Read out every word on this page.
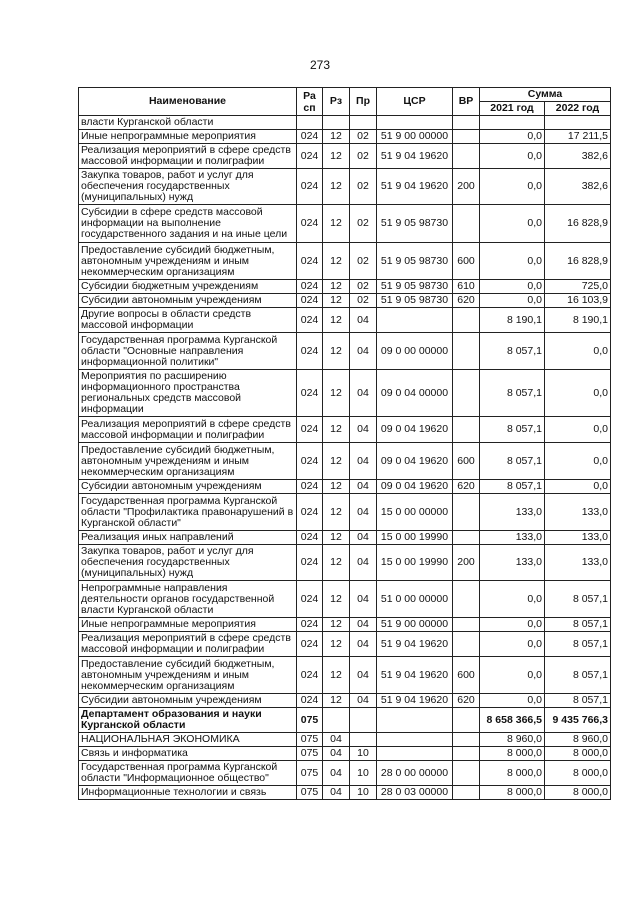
273
Наименование	Ра сп	Рз	Пр	ЦСР	ВР	Сумма	
						2021 год	2022 год
власти Курганской области							
Иные непрограммные мероприятия	024	12	02	51 9 00 00000		0,0	17 211,5
Реализация мероприятий в сфере средств массовой информации и полиграфии	024	12	02	51 9 04 19620		0,0	382,6
Закупка товаров, работ и услуг для обеспечения государственных (муниципальных) нужд	024	12	02	51 9 04 19620	200	0,0	382,6
Субсидии в сфере средств массовой информации на выполнение государственного задания и на иные цели	024	12	02	51 9 05 98730		0,0	16 828,9
Предоставление субсидий бюджетным, автономным учреждениям и иным некоммерческим организациям	024	12	02	51 9 05 98730	600	0,0	16 828,9
Субсидии бюджетным учреждениям	024	12	02	51 9 05 98730	610	0,0	725,0
Субсидии автономным учреждениям	024	12	02	51 9 05 98730	620	0,0	16 103,9
Другие вопросы в области средств массовой информации	024	12	04			8 190,1	8 190,1
Государственная программа Курганской области "Основные направления информационной политики"	024	12	04	09 0 00 00000		8 057,1	0,0
Мероприятия по расширению информационного пространства региональных средств массовой информации	024	12	04	09 0 04 00000		8 057,1	0,0
Реализация мероприятий в сфере средств массовой информации и полиграфии	024	12	04	09 0 04 19620		8 057,1	0,0
Предоставление субсидий бюджетным, автономным учреждениям и иным некоммерческим организациям	024	12	04	09 0 04 19620	600	8 057,1	0,0
Субсидии автономным учреждениям	024	12	04	09 0 04 19620	620	8 057,1	0,0
Государственная программа Курганской области "Профилактика правонарушений в Курганской области"	024	12	04	15 0 00 00000		133,0	133,0
Реализация иных направлений	024	12	04	15 0 00 19990		133,0	133,0
Закупка товаров, работ и услуг для обеспечения государственных (муниципальных) нужд	024	12	04	15 0 00 19990	200	133,0	133,0
Непрограммные направления деятельности органов государственной власти Курганской области	024	12	04	51 0 00 00000		0,0	8 057,1
Иные непрограммные мероприятия	024	12	04	51 9 00 00000		0,0	8 057,1
Реализация мероприятий в сфере средств массовой информации и полиграфии	024	12	04	51 9 04 19620		0,0	8 057,1
Предоставление субсидий бюджетным, автономным учреждениям и иным некоммерческим организациям	024	12	04	51 9 04 19620	600	0,0	8 057,1
Субсидии автономным учреждениям	024	12	04	51 9 04 19620	620	0,0	8 057,1
Департамент образования и науки Курганской области	075					8 658 366,5	9 435 766,3
НАЦИОНАЛЬНАЯ ЭКОНОМИКА	075	04				8 960,0	8 960,0
Связь и информатика	075	04	10			8 000,0	8 000,0
Государственная программа Курганской области "Информационное общество"	075	04	10	28 0 00 00000		8 000,0	8 000,0
Информационные технологии и связь	075	04	10	28 0 03 00000		8 000,0	8 000,0
